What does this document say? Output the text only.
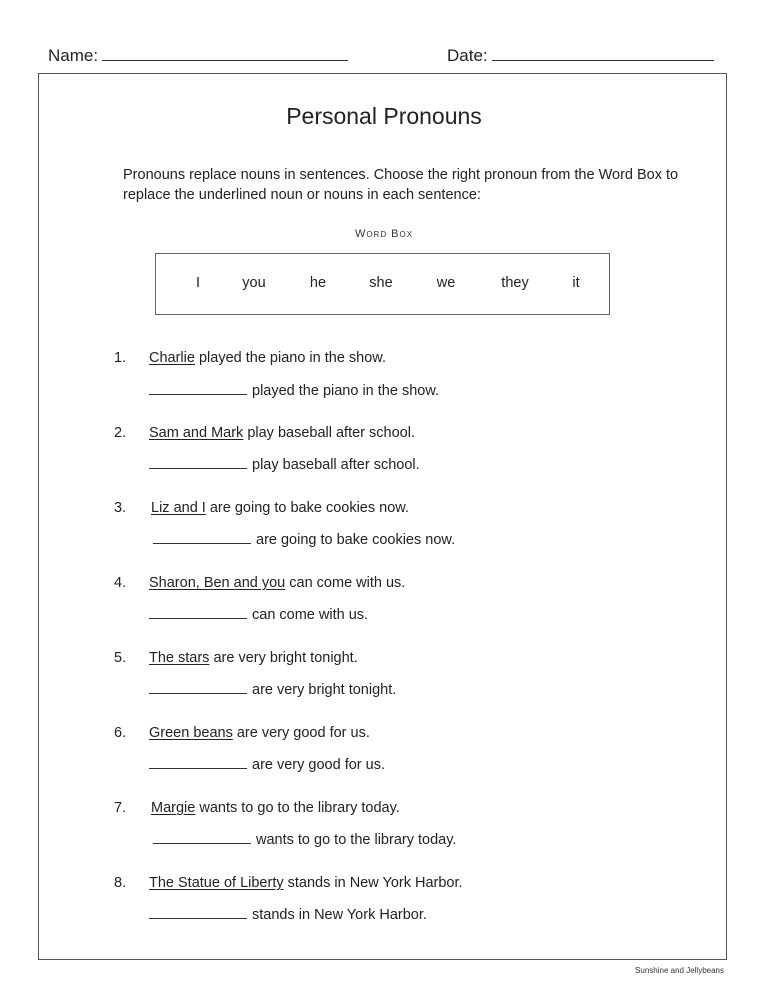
Name:	Date:
Personal Pronouns
Pronouns replace nouns in sentences. Choose the right pronoun from the Word Box to replace the underlined noun or nouns in each sentence:
Word Box
I	you	he	she	we	they	it
1. Charlie played the piano in the show.
played the piano in the show.
2. Sam and Mark play baseball after school.
play baseball after school.
3. Liz and I are going to bake cookies now.
are going to bake cookies now.
4. Sharon, Ben and you can come with us.
can come with us.
5. The stars are very bright tonight.
are very bright tonight.
6. Green beans are very good for us.
are very good for us.
7. Margie wants to go to the library today.
wants to go to the library today.
8. The Statue of Liberty stands in New York Harbor.
stands in New York Harbor.
Sunshine and Jellybeans
